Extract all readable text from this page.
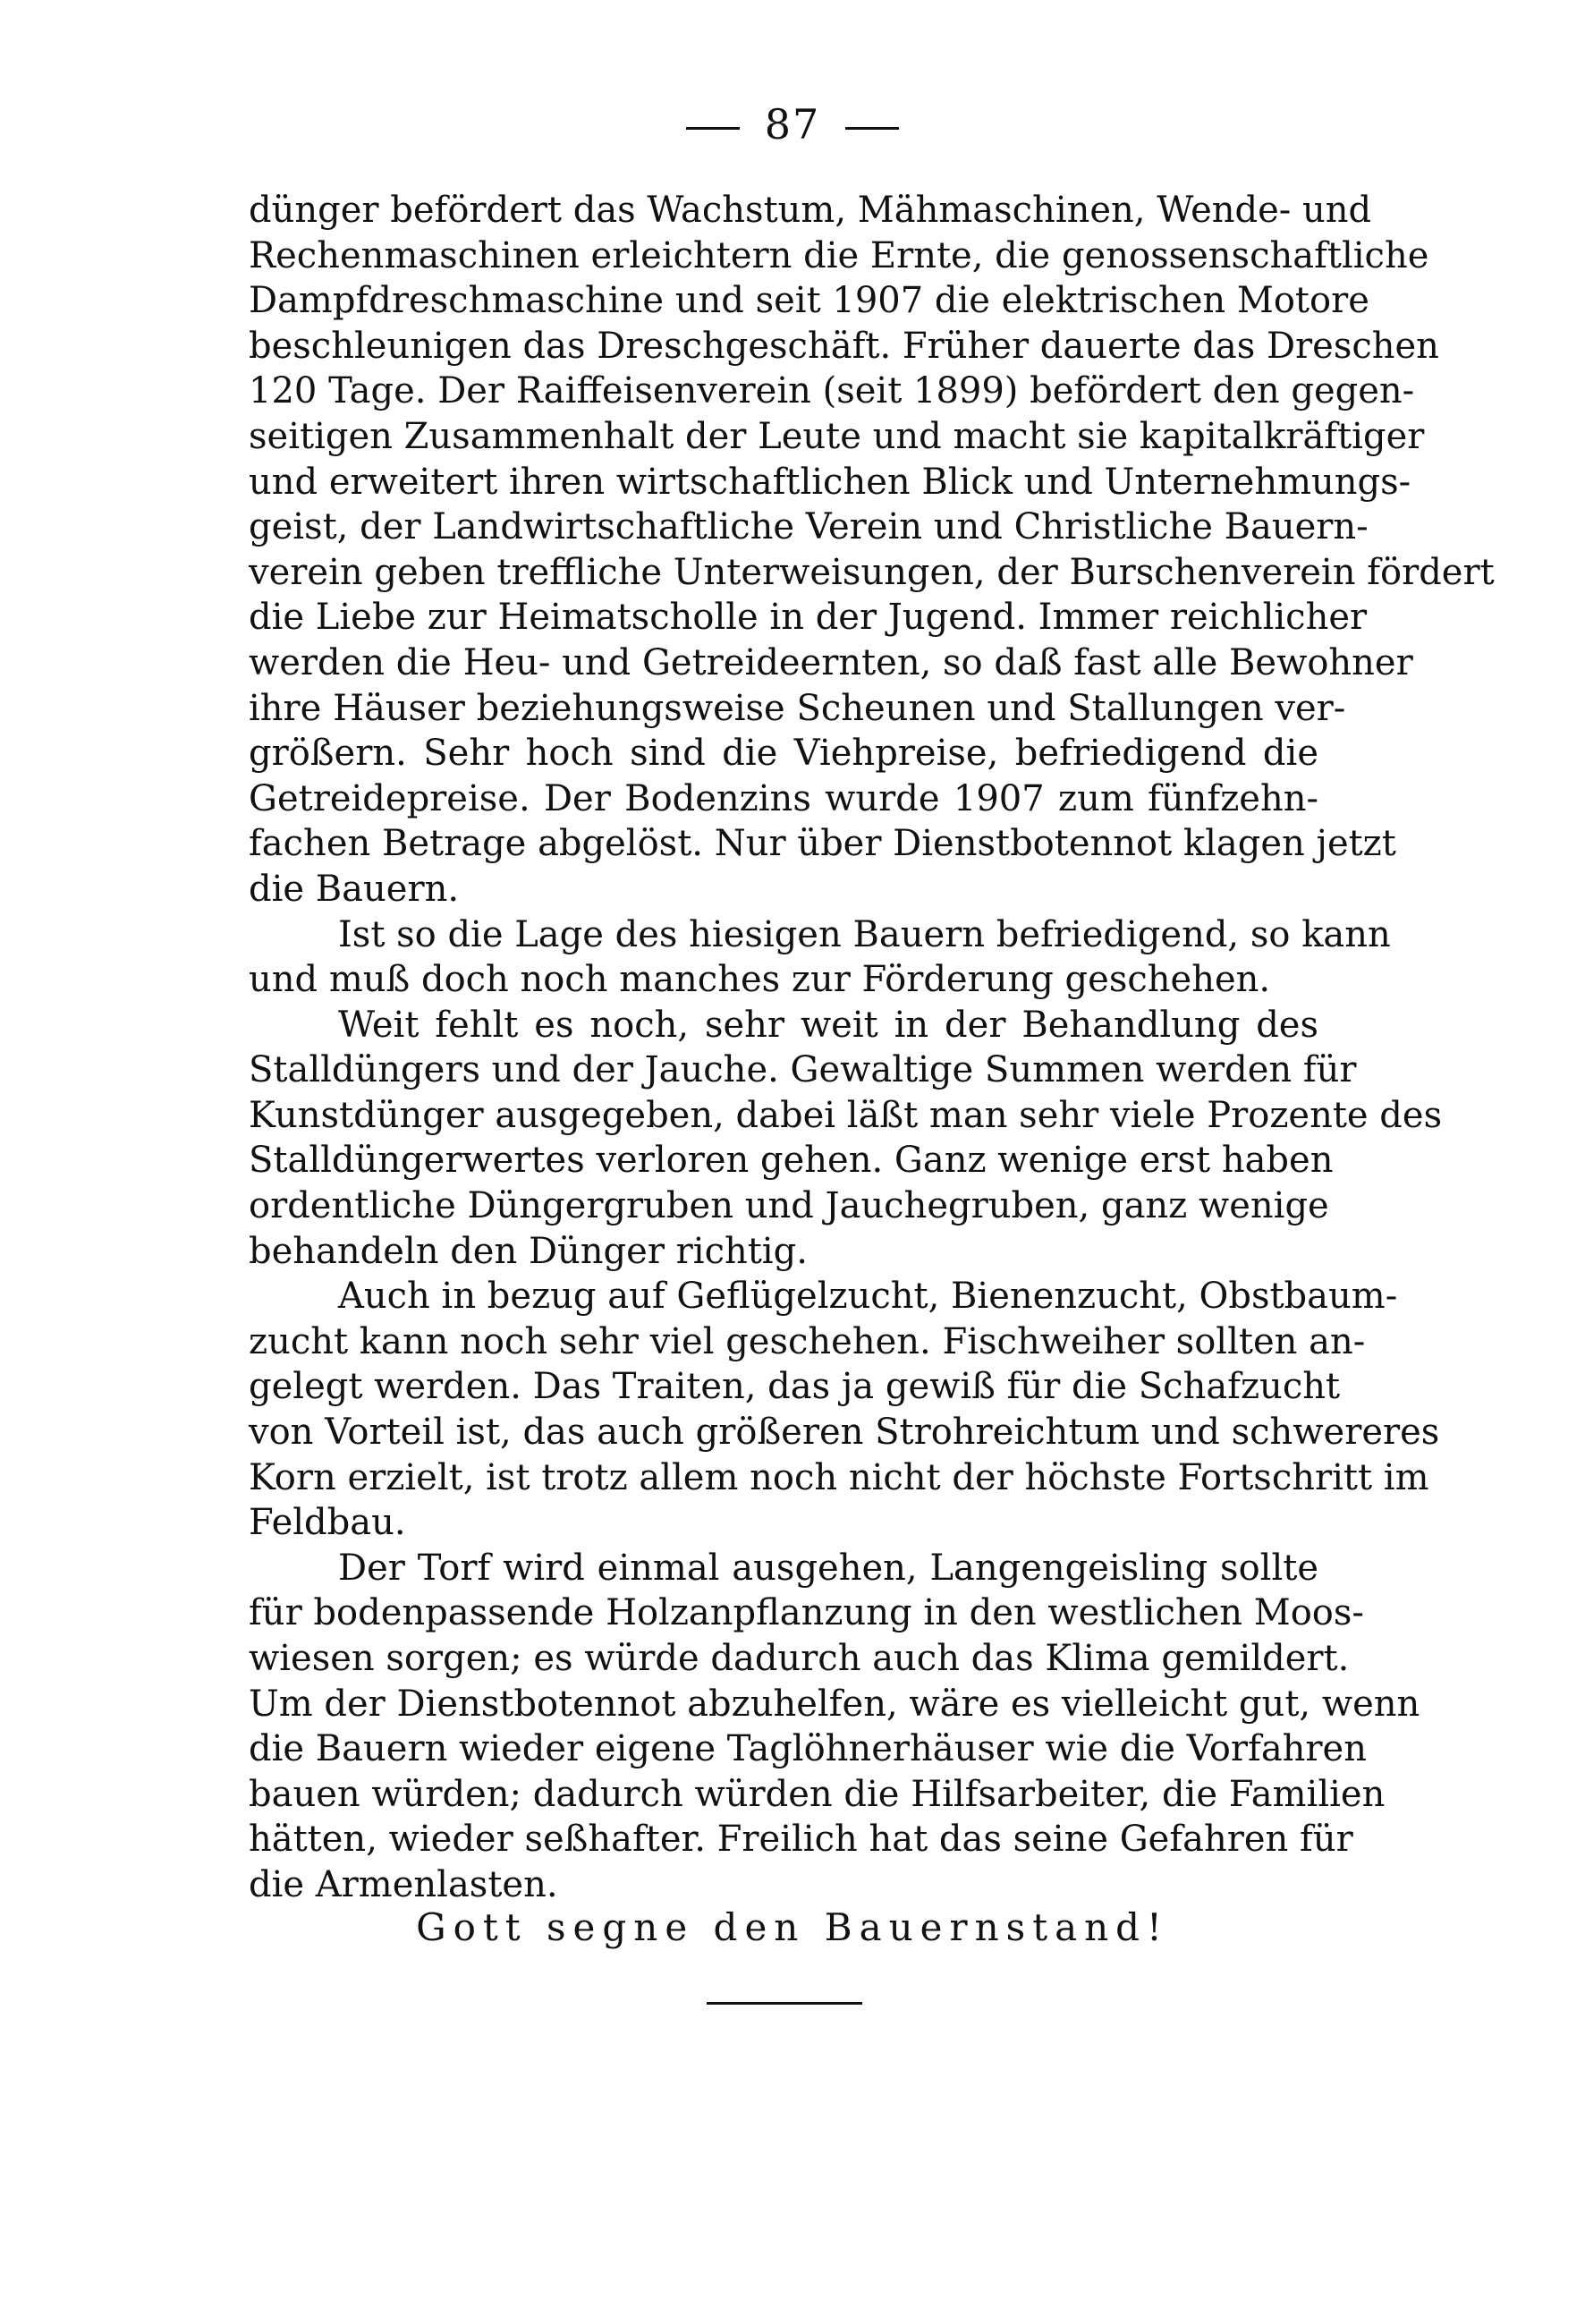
87
dünger befördert das Wachstum, Mähmaschinen, Wende- und
Rechenmaschinen erleichtern die Ernte, die genossenschaftliche
Dampfdreschmaschine und seit 1907 die elektrischen Motore
beschleunigen das Dreschgeschäft. Früher dauerte das Dreschen
120 Tage. Der Raiffeisenverein (seit 1899) befördert den gegen-
seitigen Zusammenhalt der Leute und macht sie kapitalkräftiger
und erweitert ihren wirtschaftlichen Blick und Unternehmungs-
geist, der Landwirtschaftliche Verein und Christliche Bauern-
verein geben treffliche Unterweisungen, der Burschenverein fördert
die Liebe zur Heimatscholle in der Jugend. Immer reichlicher
werden die Heu- und Getreideernten, so daß fast alle Bewohner
ihre Häuser beziehungsweise Scheunen und Stallungen ver-
größern. Sehr hoch sind die Viehpreise, befriedigend die
Getreidepreise. Der Bodenzins wurde 1907 zum fünfzehn-
fachen Betrage abgelöst. Nur über Dienstbotennot klagen jetzt
die Bauern.
Ist so die Lage des hiesigen Bauern befriedigend, so kann
und muß doch noch manches zur Förderung geschehen.
Weit fehlt es noch, sehr weit in der Behandlung des
Stalldüngers und der Jauche. Gewaltige Summen werden für
Kunstdünger ausgegeben, dabei läßt man sehr viele Prozente des
Stalldüngerwertes verloren gehen. Ganz wenige erst haben
ordentliche Düngergruben und Jauchegruben, ganz wenige
behandeln den Dünger richtig.
Auch in bezug auf Geflügelzucht, Bienenzucht, Obstbaum-
zucht kann noch sehr viel geschehen. Fischweiher sollten an-
gelegt werden. Das Traiten, das ja gewiß für die Schafzucht
von Vorteil ist, das auch größeren Strohreichtum und schwereres
Korn erzielt, ist trotz allem noch nicht der höchste Fortschritt im
Feldbau.
Der Torf wird einmal ausgehen, Langengeisling sollte
für bodenpassende Holzanpflanzung in den westlichen Moos-
wiesen sorgen; es würde dadurch auch das Klima gemildert.
Um der Dienstbotennot abzuhelfen, wäre es vielleicht gut, wenn
die Bauern wieder eigene Taglöhnerhäuser wie die Vorfahren
bauen würden; dadurch würden die Hilfsarbeiter, die Familien
hätten, wieder seßhafter. Freilich hat das seine Gefahren für
die Armenlasten.
Gott segne den Bauernstand!
